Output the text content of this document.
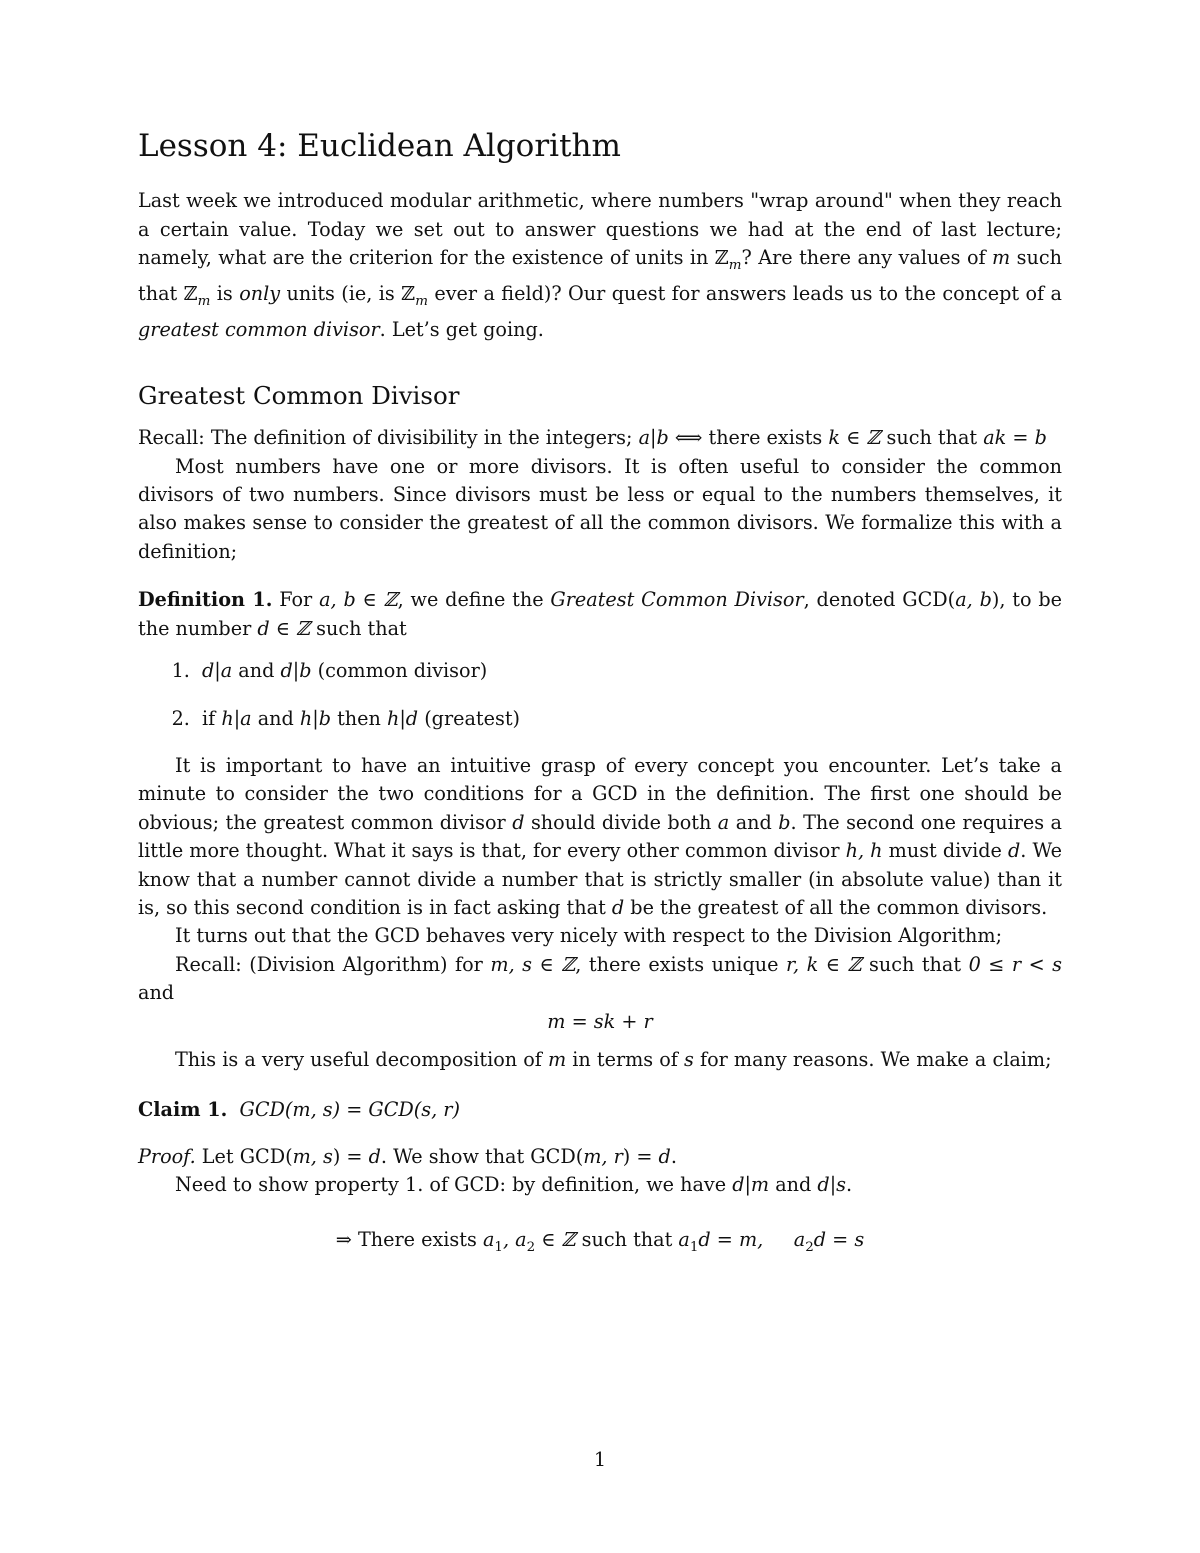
Lesson 4: Euclidean Algorithm

Last week we introduced modular arithmetic, where numbers "wrap around" when they reach a certain value. Today we set out to answer questions we had at the end of last lecture; namely, what are the criterion for the existence of units in ℤ$_m$? Are there any values of m such that ℤ$_m$ is only units (ie, is ℤ$_m$ ever a field)? Our quest for answers leads us to the concept of a greatest common divisor. Let’s get going.

Greatest Common Divisor

Recall: The definition of divisibility in the integers; a|b ⟺ there exists k ∈ ℤ such that ak = b

Most numbers have one or more divisors. It is often useful to consider the common divisors of two numbers. Since divisors must be less or equal to the numbers themselves, it also makes sense to consider the greatest of all the common divisors. We formalize this with a definition;

Definition 1. For a, b ∈ ℤ, we define the Greatest Common Divisor, denoted GCD(a, b), to be the number d ∈ ℤ such that

1. d|a and d|b (common divisor)
2. if h|a and h|b then h|d (greatest)

It is important to have an intuitive grasp of every concept you encounter. Let’s take a minute to consider the two conditions for a GCD in the definition. The first one should be obvious; the greatest common divisor d should divide both a and b. The second one requires a little more thought. What it says is that, for every other common divisor h, h must divide d. We know that a number cannot divide a number that is strictly smaller (in absolute value) than it is, so this second condition is in fact asking that d be the greatest of all the common divisors.

It turns out that the GCD behaves very nicely with respect to the Division Algorithm;

Recall: (Division Algorithm) for m, s ∈ ℤ, there exists unique r, k ∈ ℤ such that 0 ≤ r < s and

m = sk + r

This is a very useful decomposition of m in terms of s for many reasons. We make a claim;

Claim 1. GCD(m, s) = GCD(s, r)

Proof. Let GCD(m, s) = d. We show that GCD(m, r) = d.

Need to show property 1. of GCD: by definition, we have d|m and d|s.

⇒ There exists $a_1$, $a_2$ ∈ ℤ such that $a_1d = m$, $a_2d = s$

1
